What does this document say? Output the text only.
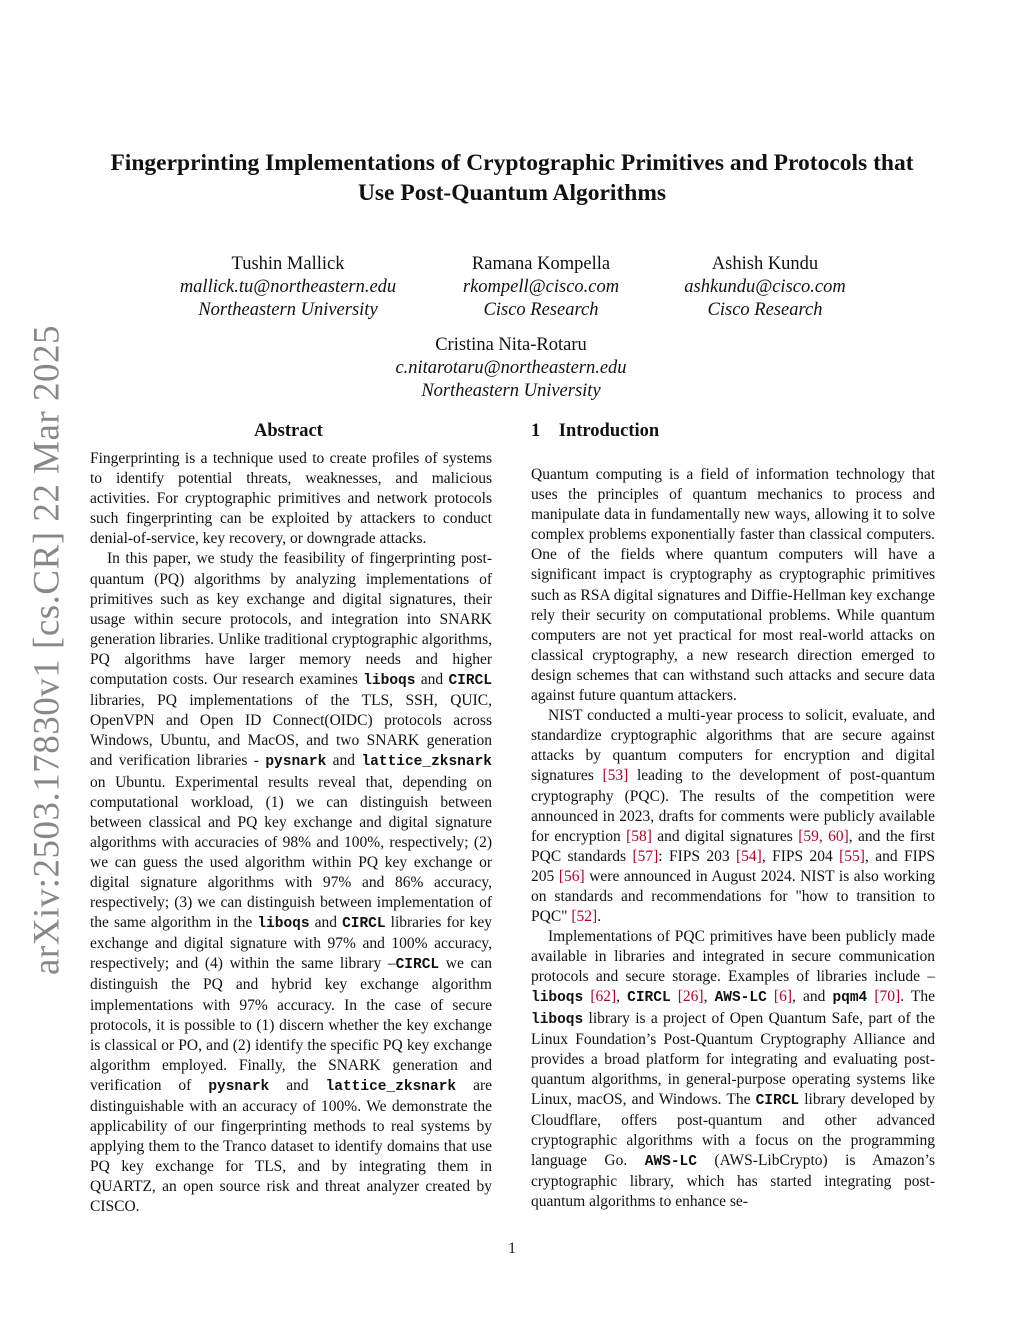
arXiv:2503.17830v1 [cs.CR] 22 Mar 2025
Fingerprinting Implementations of Cryptographic Primitives and Protocols that
Use Post-Quantum Algorithms
Tushin Mallick
mallick.tu@northeastern.edu
Northeastern University
Ramana Kompella
rkompell@cisco.com
Cisco Research
Ashish Kundu
ashkundu@cisco.com
Cisco Research
Cristina Nita-Rotaru
c.nitarotaru@northeastern.edu
Northeastern University
Abstract	1 Introduction

Fingerprinting is a technique used to create profiles of systems to identify potential threats, weaknesses, and malicious activities. For cryptographic primitives and network protocols such fingerprinting can be exploited by attackers to conduct denial-of-service, key recovery, or downgrade attacks.

In this paper, we study the feasibility of fingerprinting post-quantum (PQ) algorithms by analyzing implementations of primitives such as key exchange and digital signatures, their usage within secure protocols, and integration into SNARK generation libraries. Unlike traditional cryptographic algorithms, PQ algorithms have larger memory needs and higher computation costs. Our research examines liboqs and CIRCL libraries, PQ implementations of the TLS, SSH, QUIC, OpenVPN and Open ID Connect(OIDC) protocols across Windows, Ubuntu, and MacOS, and two SNARK generation and verification libraries - pysnark and lattice_zksnark on Ubuntu. Experimental results reveal that, depending on computational workload, (1) we can distinguish between between classical and PQ key exchange and digital signature algorithms with accuracies of 98% and 100%, respectively; (2) we can guess the used algorithm within PQ key exchange or digital signature algorithms with 97% and 86% accuracy, respectively; (3) we can distinguish between implementation of the same algorithm in the liboqs and CIRCL libraries for key exchange and digital signature with 97% and 100% accuracy, respectively; and (4) within the same library –CIRCL we can distinguish the PQ and hybrid key exchange algorithm implementations with 97% accuracy. In the case of secure protocols, it is possible to (1) discern whether the key exchange is classical or PO, and (2) identify the specific PQ key exchange algorithm employed. Finally, the SNARK generation and verification of pysnark and lattice_zksnark are distinguishable with an accuracy of 100%. We demonstrate the applicability of our fingerprinting methods to real systems by applying them to the Tranco dataset to identify domains that use PQ key exchange for TLS, and by integrating them in QUARTZ, an open source risk and threat analyzer created by CISCO.

Quantum computing is a field of information technology that uses the principles of quantum mechanics to process and manipulate data in fundamentally new ways, allowing it to solve complex problems exponentially faster than classical computers. One of the fields where quantum computers will have a significant impact is cryptography as cryptographic primitives such as RSA digital signatures and Diffie-Hellman key exchange rely their security on computational problems. While quantum computers are not yet practical for most real-world attacks on classical cryptography, a new research direction emerged to design schemes that can withstand such attacks and secure data against future quantum attackers.

NIST conducted a multi-year process to solicit, evaluate, and standardize cryptographic algorithms that are secure against attacks by quantum computers for encryption and digital signatures [53] leading to the development of post-quantum cryptography (PQC). The results of the competition were announced in 2023, drafts for comments were publicly available for encryption [58] and digital signatures [59, 60], and the first PQC standards [57]: FIPS 203 [54], FIPS 204 [55], and FIPS 205 [56] were announced in August 2024. NIST is also working on standards and recommendations for "how to transition to PQC" [52].

Implementations of PQC primitives have been publicly made available in libraries and integrated in secure communication protocols and secure storage. Examples of libraries include – liboqs [62], CIRCL [26], AWS-LC [6], and pqm4 [70]. The liboqs library is a project of Open Quantum Safe, part of the Linux Foundation’s Post-Quantum Cryptography Alliance and provides a broad platform for integrating and evaluating post-quantum algorithms, in general-purpose operating systems like Linux, macOS, and Windows. The CIRCL library developed by Cloudflare, offers post-quantum and other advanced cryptographic algorithms with a focus on the programming language Go. AWS-LC (AWS-LibCrypto) is Amazon’s cryptographic library, which has started integrating post-quantum algorithms to enhance se-

1
